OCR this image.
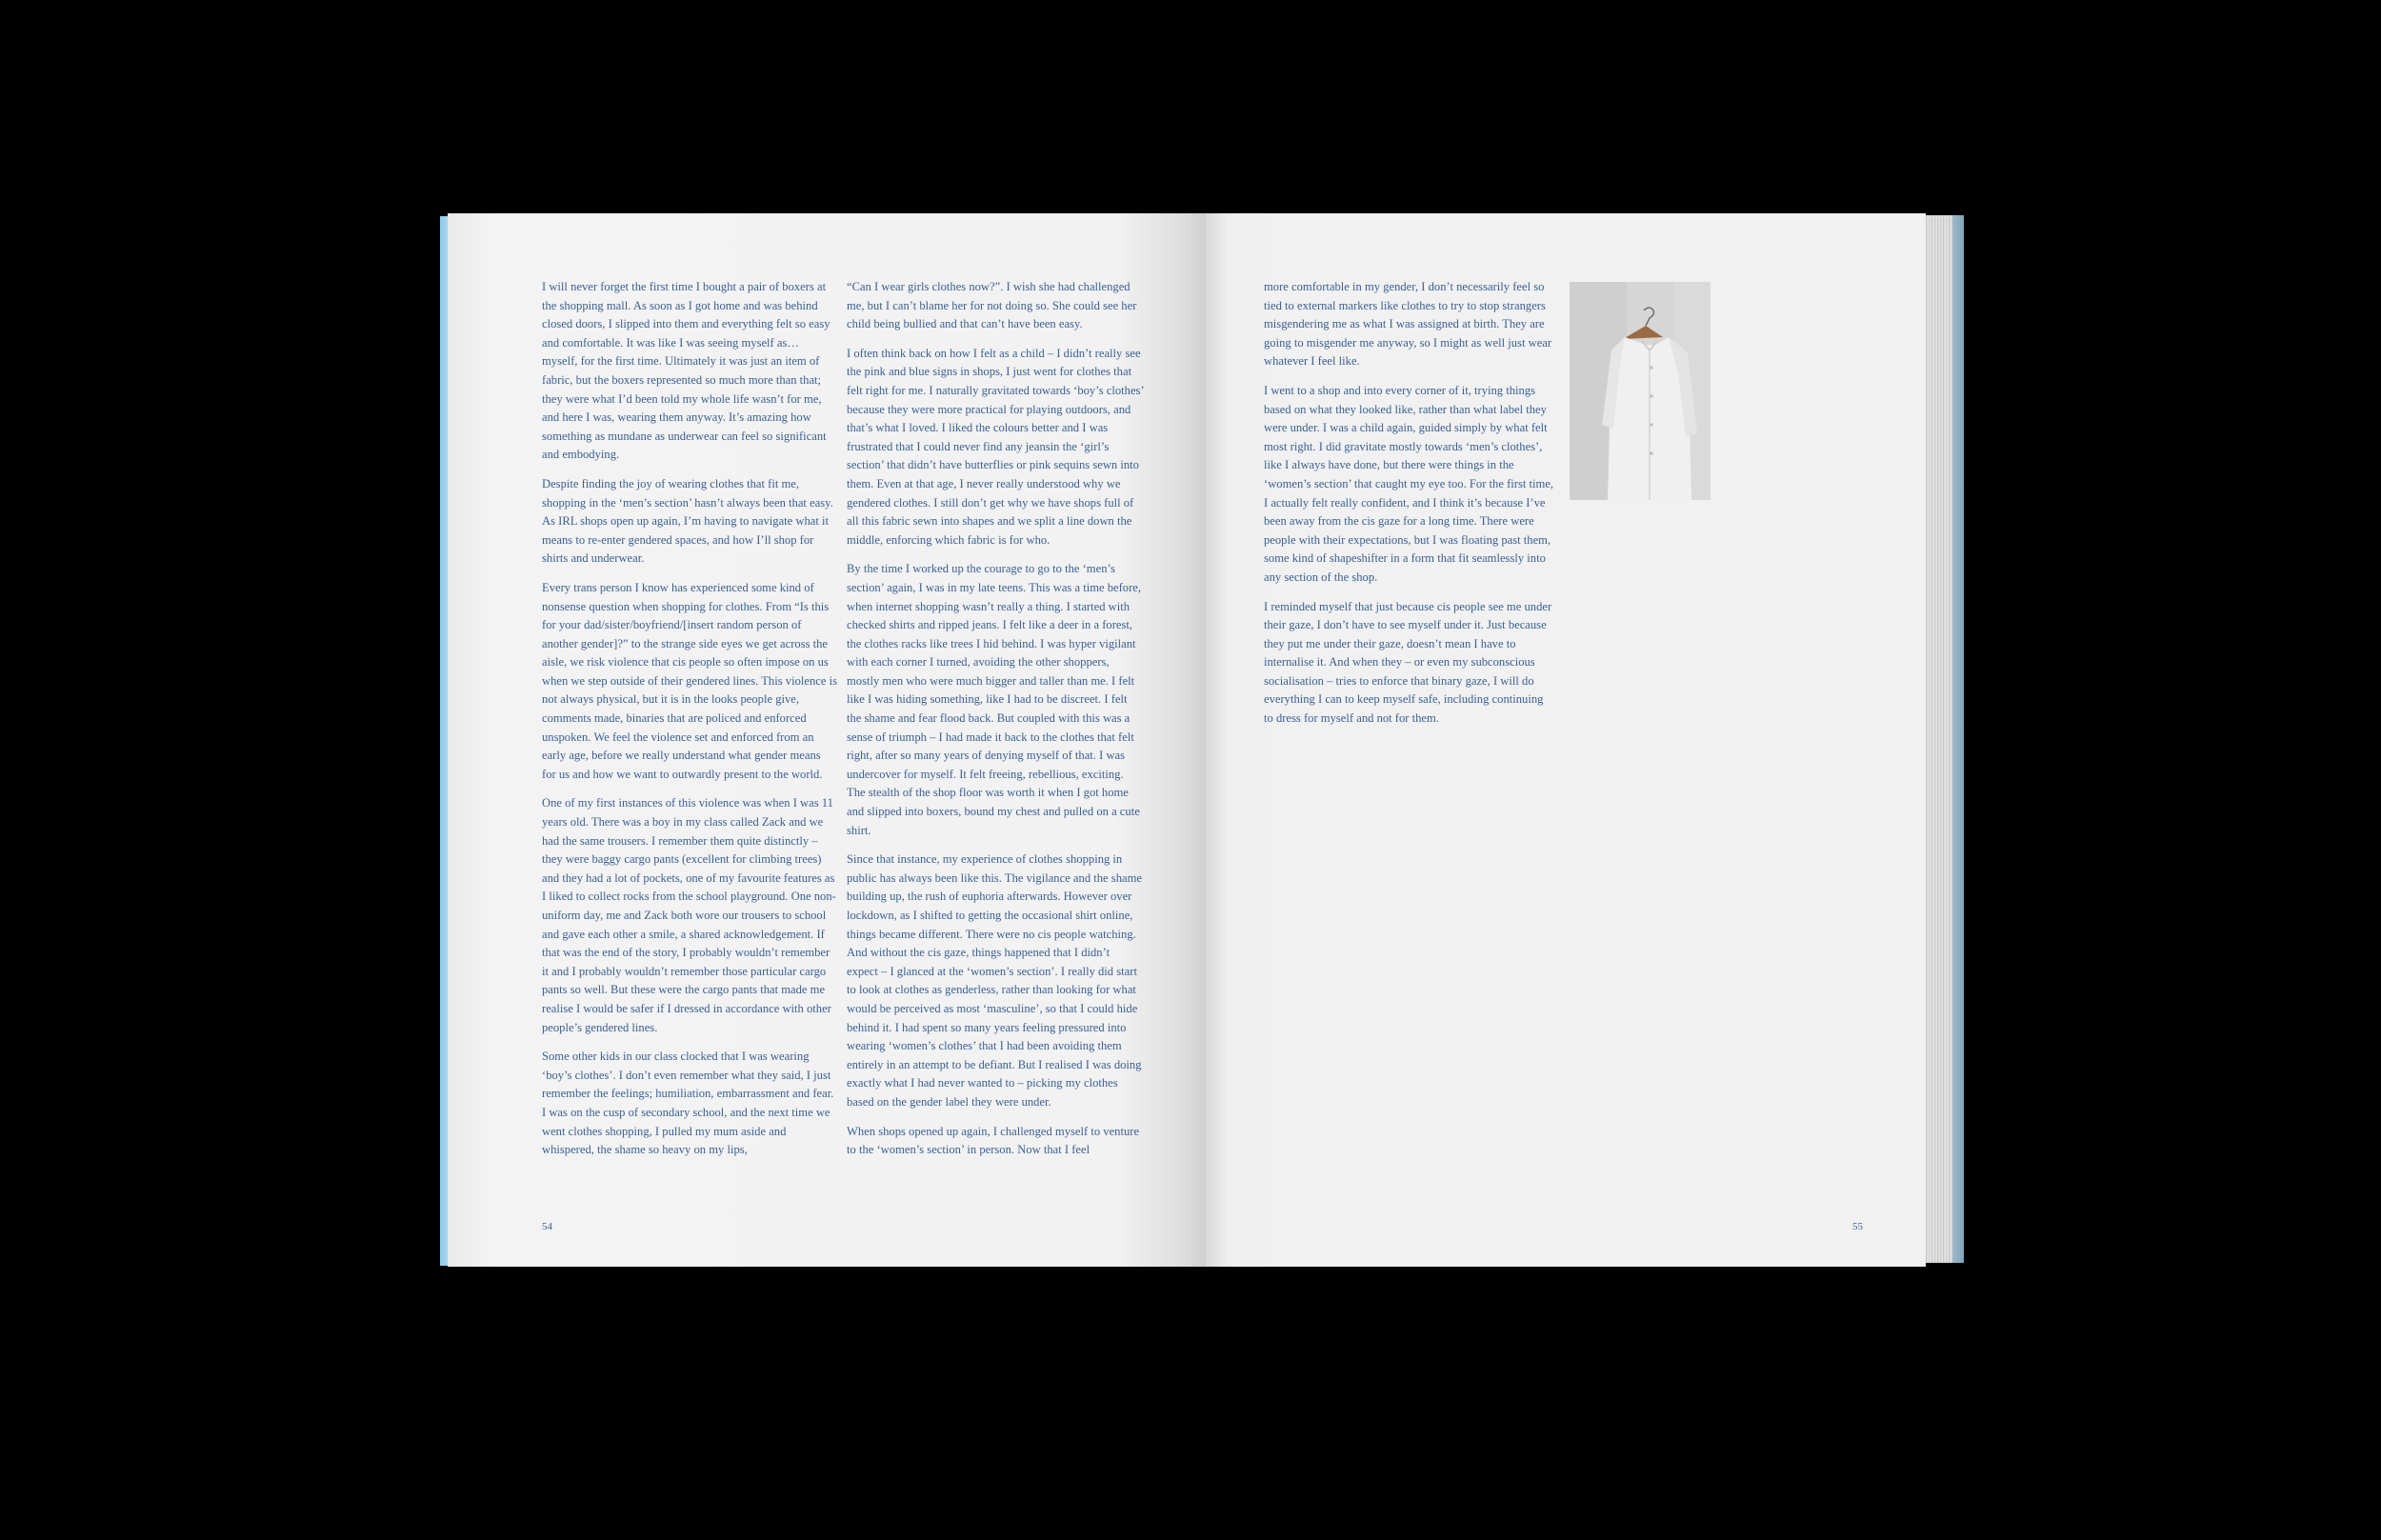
I will never forget the first time I bought a pair of boxers at the shopping mall. As soon as I got home and was behind closed doors, I slipped into them and everything felt so easy and comfortable. It was like I was seeing myself as… myself, for the first time. Ultimately it was just an item of fabric, but the boxers represented so much more than that; they were what I’d been told my whole life wasn’t for me, and here I was, wearing them anyway. It’s amazing how something as mundane as underwear can feel so significant and embodying.

Despite finding the joy of wearing clothes that fit me, shopping in the ‘men’s section’ hasn’t always been that easy. As IRL shops open up again, I’m having to navigate what it means to re-enter gendered spaces, and how I’ll shop for shirts and underwear.

Every trans person I know has experienced some kind of nonsense question when shopping for clothes. From “Is this for your dad/sister/boyfriend/[insert random person of another gender]?” to the strange side eyes we get across the aisle, we risk violence that cis people so often impose on us when we step outside of their gendered lines. This violence is not always physical, but it is in the looks people give, comments made, binaries that are policed and enforced unspoken. We feel the violence set and enforced from an early age, before we really understand what gender means for us and how we want to outwardly present to the world.

One of my first instances of this violence was when I was 11 years old. There was a boy in my class called Zack and we had the same trousers. I remember them quite distinctly – they were baggy cargo pants (excellent for climbing trees) and they had a lot of pockets, one of my favourite features as I liked to collect rocks from the school playground. One non-uniform day, me and Zack both wore our trousers to school and gave each other a smile, a shared acknowledgement. If that was the end of the story, I probably wouldn’t remember it and I probably wouldn’t remember those particular cargo pants so well. But these were the cargo pants that made me realise I would be safer if I dressed in accordance with other people’s gendered lines.

Some other kids in our class clocked that I was wearing ‘boy’s clothes’. I don’t even remember what they said, I just remember the feelings; humiliation, embarrassment and fear. I was on the cusp of secondary school, and the next time we went clothes shopping, I pulled my mum aside and whispered, the shame so heavy on my lips,

“Can I wear girls clothes now?”. I wish she had challenged me, but I can’t blame her for not doing so. She could see her child being bullied and that can’t have been easy.

I often think back on how I felt as a child – I didn’t really see the pink and blue signs in shops, I just went for clothes that felt right for me. I naturally gravitated towards ‘boy’s clothes’ because they were more practical for playing outdoors, and that’s what I loved. I liked the colours better and I was frustrated that I could never find any jeansin the ‘girl’s section’ that didn’t have butterflies or pink sequins sewn into them. Even at that age, I never really understood why we gendered clothes. I still don’t get why we have shops full of all this fabric sewn into shapes and we split a line down the middle, enforcing which fabric is for who.

By the time I worked up the courage to go to the ‘men’s section’ again, I was in my late teens. This was a time before, when internet shopping wasn’t really a thing. I started with checked shirts and ripped jeans. I felt like a deer in a forest, the clothes racks like trees I hid behind. I was hyper vigilant with each corner I turned, avoiding the other shoppers, mostly men who were much bigger and taller than me. I felt like I was hiding something, like I had to be discreet. I felt the shame and fear flood back. But coupled with this was a sense of triumph – I had made it back to the clothes that felt right, after so many years of denying myself of that. I was undercover for myself. It felt freeing, rebellious, exciting. The stealth of the shop floor was worth it when I got home and slipped into boxers, bound my chest and pulled on a cute shirt.

Since that instance, my experience of clothes shopping in public has always been like this. The vigilance and the shame building up, the rush of euphoria afterwards. However over lockdown, as I shifted to getting the occasional shirt online, things became different. There were no cis people watching. And without the cis gaze, things happened that I didn’t expect – I glanced at the ‘women’s section’. I really did start to look at clothes as genderless, rather than looking for what would be perceived as most ‘masculine’, so that I could hide behind it. I had spent so many years feeling pressured into wearing ‘women’s clothes’ that I had been avoiding them entirely in an attempt to be defiant. But I realised I was doing exactly what I had never wanted to – picking my clothes based on the gender label they were under.

When shops opened up again, I challenged myself to venture to the ‘women’s section’ in person. Now that I feel

54

more comfortable in my gender, I don’t necessarily feel so tied to external markers like clothes to try to stop strangers misgendering me as what I was assigned at birth. They are going to misgender me anyway, so I might as well just wear whatever I feel like.

I went to a shop and into every corner of it, trying things based on what they looked like, rather than what label they were under. I was a child again, guided simply by what felt most right. I did gravitate mostly towards ‘men’s clothes’, like I always have done, but there were things in the ‘women’s section’ that caught my eye too. For the first time, I actually felt really confident, and I think it’s because I’ve been away from the cis gaze for a long time. There were people with their expectations, but I was floating past them, some kind of shapeshifter in a form that fit seamlessly into any section of the shop.

I reminded myself that just because cis people see me under their gaze, I don’t have to see myself under it. Just because they put me under their gaze, doesn’t mean I have to internalise it. And when they – or even my subconscious socialisation – tries to enforce that binary gaze, I will do everything I can to keep myself safe, including continuing to dress for myself and not for them.

55
